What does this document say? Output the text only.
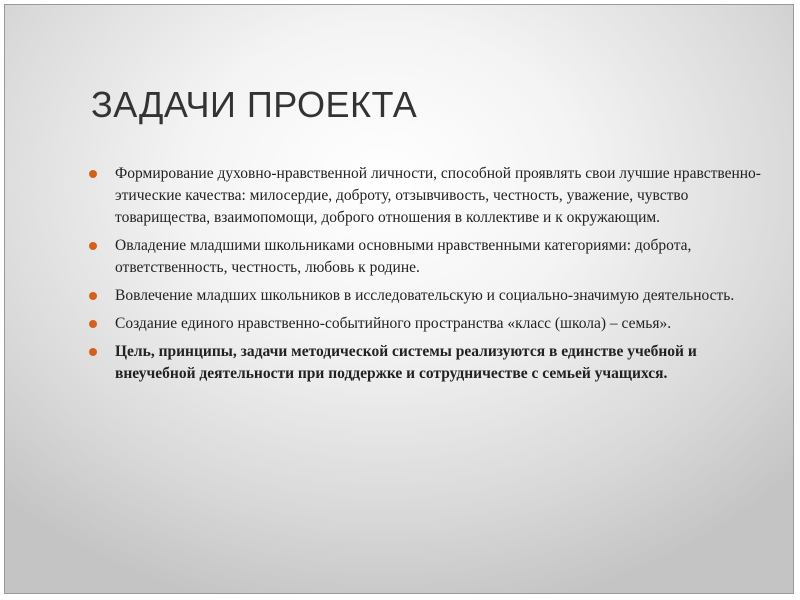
ЗАДАЧИ ПРОЕКТА
Формирование духовно-нравственной личности, способной проявлять свои лучшие нравственно-этические качества: милосердие, доброту, отзывчивость, честность, уважение, чувство товарищества, взаимопомощи, доброго отношения в коллективе и к окружающим.
Овладение младшими школьниками основными нравственными категориями: доброта, ответственность, честность, любовь к родине.
Вовлечение младших школьников в исследовательскую и социально-значимую деятельность.
Создание единого нравственно-событийного пространства «класс (школа) – семья».
Цель, принципы, задачи методической системы реализуются в единстве учебной и внеучебной деятельности при поддержке и сотрудничестве с семьей учащихся.
